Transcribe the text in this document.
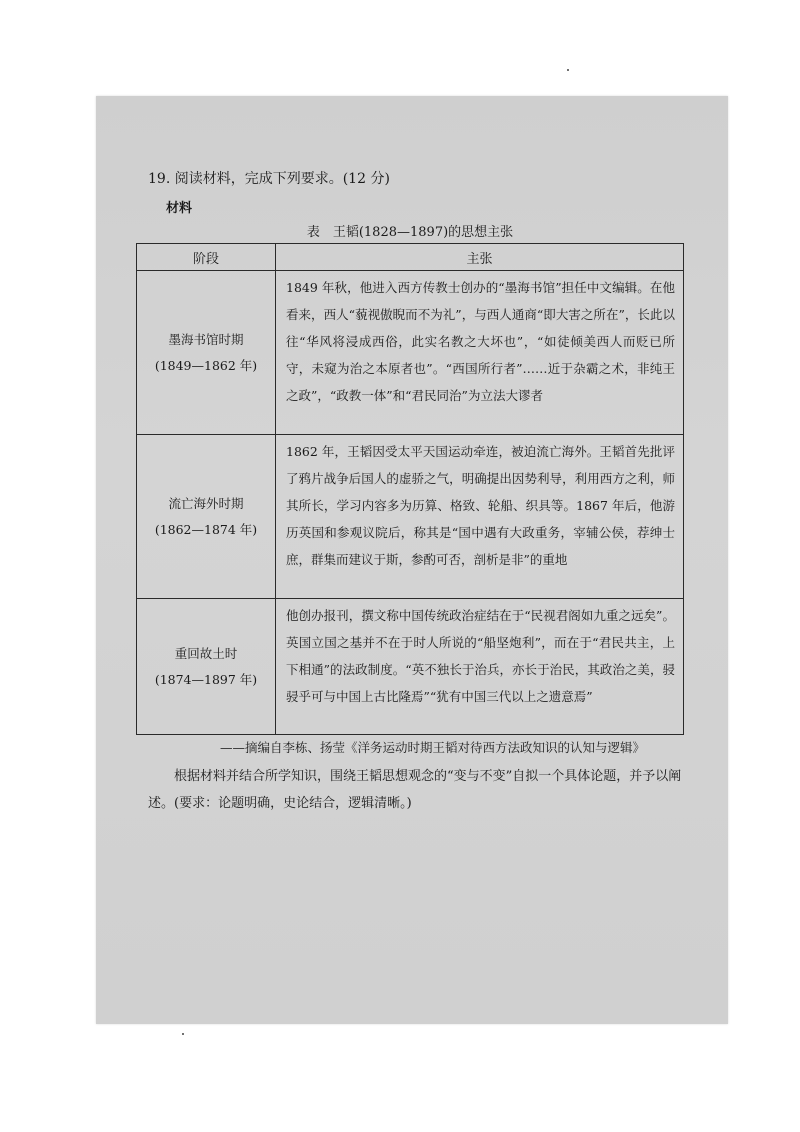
19. 阅读材料，完成下列要求。(12 分)
材料
表　王韬(1828—1897)的思想主张
阶段	主张

墨海书馆时期
(1849—1862 年)	1849 年秋，他进入西方传教士创办的“墨海书馆”担任中文编辑。在他看来，西人“藐视傲睨而不为礼”，与西人通商“即大害之所在”，长此以往“华风将浸成西俗，此实名教之大坏也”，“如徒倾美西人而贬已所守，未窥为治之本原者也”。“西国所行者”……近于杂霸之术，非纯王之政”，“政教一体”和“君民同治”为立法大谬者

流亡海外时期
(1862—1874 年)	1862 年，王韬因受太平天国运动牵连，被迫流亡海外。王韬首先批评了鸦片战争后国人的虚骄之气，明确提出因势利导，利用西方之利，师其所长，学习内容多为历算、格致、轮船、织具等。1867 年后，他游历英国和参观议院后，称其是“国中遇有大政重务，宰辅公侯，荐绅士庶，群集而建议于斯，参酌可否，剖析是非”的重地

重回故土时
(1874—1897 年)	他创办报刊，撰文称中国传统政治症结在于“民视君阁如九重之远矣”。英国立国之基并不在于时人所说的“船坚炮利”，而在于“君民共主，上下相通”的法政制度。“英不独长于治兵，亦长于治民，其政治之美，骎骎乎可与中国上古比隆焉”“犹有中国三代以上之遗意焉”
——摘编自李栋、扬莹《洋务运动时期王韬对待西方法政知识的认知与逻辑》
根据材料并结合所学知识，围绕王韬思想观念的“变与不变”自拟一个具体论题，并予以阐述。(要求：论题明确，史论结合，逻辑清晰。)
